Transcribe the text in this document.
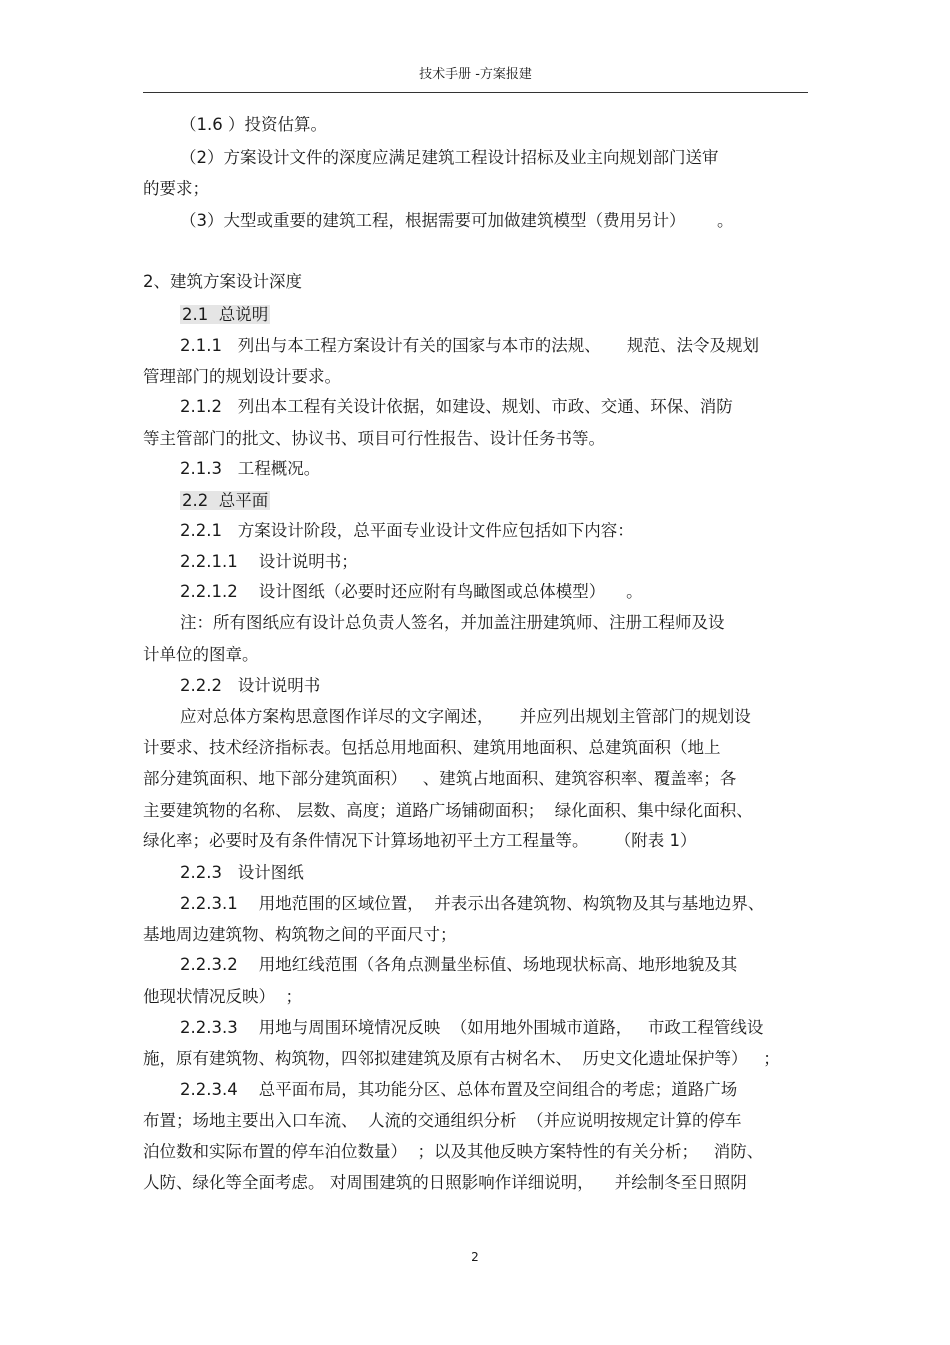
技术手册 -方案报建
（1.6 ）投资估算。
（2）方案设计文件的深度应满足建筑工程设计招标及业主向规划部门送审
的要求；
（3）大型或重要的建筑工程，根据需要可加做建筑模型（费用另计）      。
2、建筑方案设计深度
2.1  总说明
2.1.1   列出与本工程方案设计有关的国家与本市的法规、     规范、法令及规划
管理部门的规划设计要求。
2.1.2   列出本工程有关设计依据，如建设、规划、市政、交通、环保、消防
等主管部门的批文、协议书、项目可行性报告、设计任务书等。
2.1.3   工程概况。
2.2  总平面
2.2.1   方案设计阶段，总平面专业设计文件应包括如下内容：
2.2.1.1    设计说明书；
2.2.1.2    设计图纸（必要时还应附有鸟瞰图或总体模型）    。
注：所有图纸应有设计总负责人签名，并加盖注册建筑师、注册工程师及设
计单位的图章。
2.2.2   设计说明书
应对总体方案构思意图作详尽的文字阐述，     并应列出规划主管部门的规划设
计要求、技术经济指标表。包括总用地面积、建筑用地面积、总建筑面积（地上
部分建筑面积、地下部分建筑面积）   、建筑占地面积、建筑容积率、覆盖率；各
主要建筑物的名称、 层数、高度；道路广场铺砌面积；  绿化面积、集中绿化面积、
绿化率；必要时及有条件情况下计算场地初平土方工程量等。     （附表 1）
2.2.3   设计图纸
2.2.3.1    用地范围的区域位置，  并表示出各建筑物、构筑物及其与基地边界、
基地周边建筑物、构筑物之间的平面尺寸；
2.2.3.2    用地红线范围（各角点测量坐标值、场地现状标高、地形地貌及其
他现状情况反映）  ；
2.2.3.3    用地与周围环境情况反映  （如用地外围城市道路，   市政工程管线设
施，原有建筑物、构筑物，四邻拟建建筑及原有古树名木、  历史文化遗址保护等）   ；
2.2.3.4    总平面布局，其功能分区、总体布置及空间组合的考虑；道路广场
布置；场地主要出入口车流、  人流的交通组织分析  （并应说明按规定计算的停车
泊位数和实际布置的停车泊位数量）  ；以及其他反映方案特性的有关分析；   消防、
人防、绿化等全面考虑。 对周围建筑的日照影响作详细说明，    并绘制冬至日照阴
2
